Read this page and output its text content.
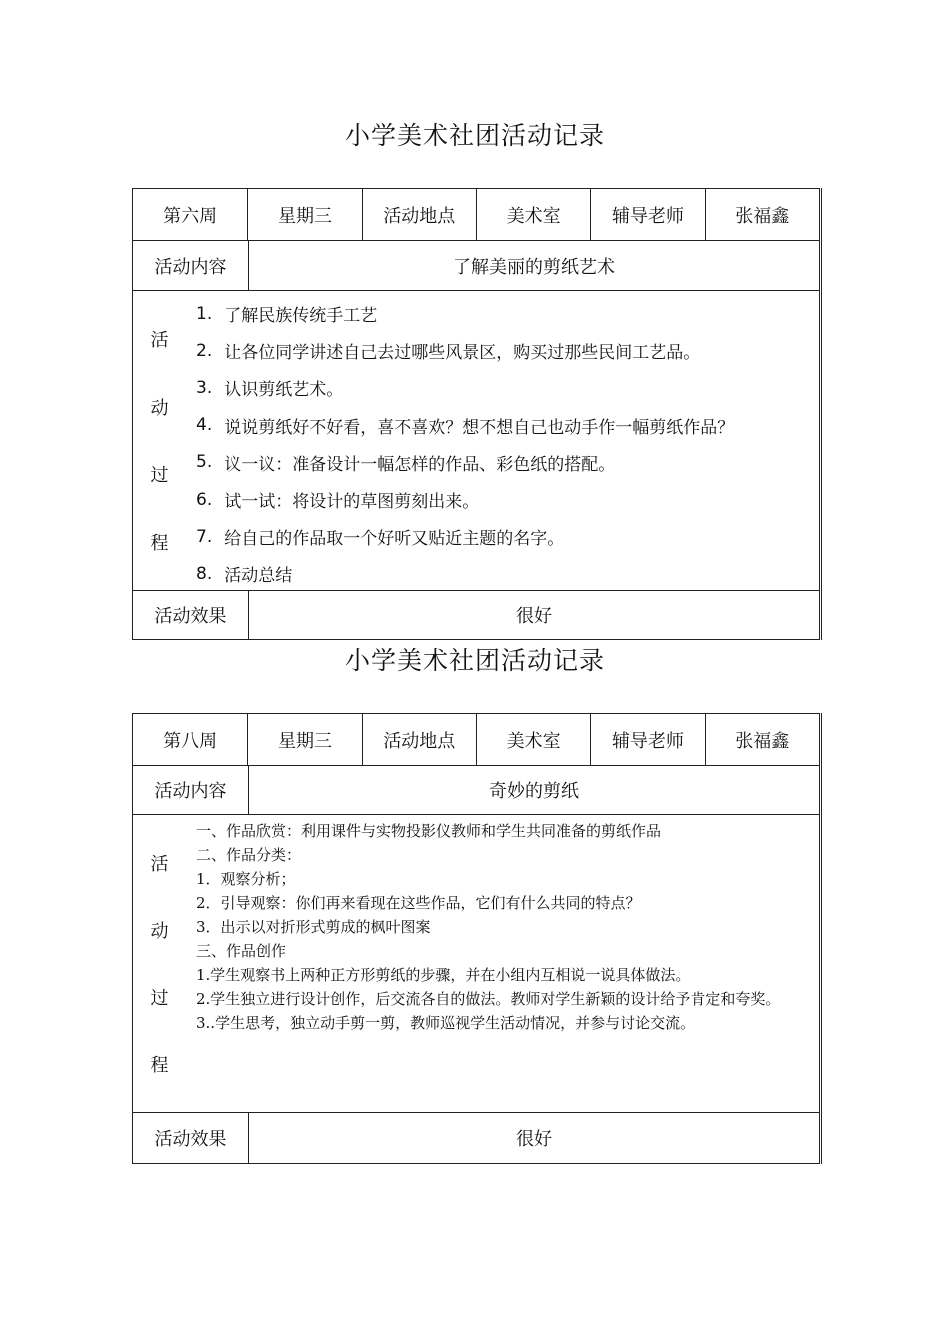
小学美术社团活动记录
第六周	星期三	活动地点	美术室	辅导老师	张福鑫
活动内容	了解美丽的剪纸艺术
活
动
过
程
1. 了解民族传统手工艺
2. 让各位同学讲述自己去过哪些风景区，购买过那些民间工艺品。
3. 认识剪纸艺术。
4. 说说剪纸好不好看，喜不喜欢？想不想自己也动手作一幅剪纸作品？
5. 议一议：准备设计一幅怎样的作品、彩色纸的搭配。
6. 试一试：将设计的草图剪刻出来。
7. 给自己的作品取一个好听又贴近主题的名字。
8. 活动总结
活动效果	很好
小学美术社团活动记录
第八周	星期三	活动地点	美术室	辅导老师	张福鑫
活动内容	奇妙的剪纸
活
动
过
程

一、作品欣赏：利用课件与实物投影仪教师和学生共同准备的剪纸作品

二、作品分类：

1．观察分析；

2．引导观察：你们再来看现在这些作品，它们有什么共同的特点？

3．出示以对折形式剪成的枫叶图案

三、作品创作

1.学生观察书上两种正方形剪纸的步骤，并在小组内互相说一说具体做法。

2.学生独立进行设计创作，后交流各自的做法。教师对学生新颖的设计给予肯定和夸奖。

3..学生思考，独立动手剪一剪，教师巡视学生活动情况，并参与讨论交流。

活动效果	很好
